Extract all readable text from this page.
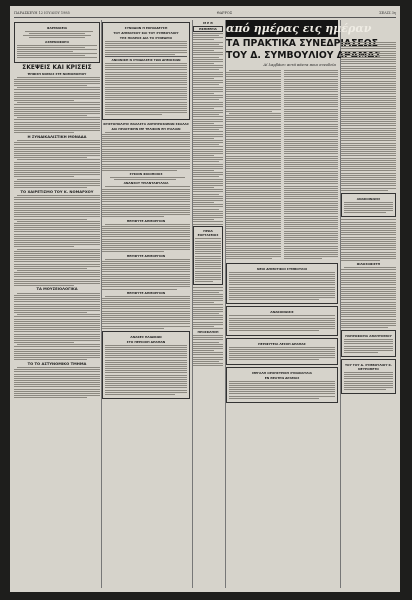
ΠΑΡΑΣΚΕΥΗ 12 ΙΟΥΛΙΟΥ 1985	ΘΑΡΡΟΣ	ΣΕΛΙΣ 3η
ΦΑΡΜΑΚΕΙΑ
ΑΣΘΕΝΟΦΟΡΟ
ΣΚΕΨΕΙΣ ΚΑΙ ΚΡΙΣΕΙΣ
ΨΗΦΙΣΗ ΝΟΜΑΣ ΣΤΕ ΝΟΜΟΘΟΡΙΟΥ
Η ΣΥΝΔΙΚΑΛΙΣΤΙΚΗ ΜΟΝΑΔΑ
ΤΟ ΧΑΙΡΕΤΙΣΜΟ ΤΟΥ Κ. ΝΟΜΑΡΧΟΥ
ΤΑ ΜΟΥΣΕΙΟΛΟΓΙΚΑ
ΤΟ ΤΟ ΑΣΤΥΝΟΜΙΚΟ ΤΜΗΜΑ
ΣΥΝΟΔΟΝ Η ΕΚΠΑΙΔΕΥΣΗ
ΤΟΥ ΔΗΜΑΡΧΟΥ ΚΑΙ ΤΟΥ ΣΥΜΒΟΥΛΙΟΥ
ΤΗΣ ΠΟΛΕΟΣ ΔΙΑ ΤΟ ΣΥΝΕΔΡΙΟ
ΑΝΙΟΝΙΚΗ Ν ΣΥΝΔΙΑΣΕΙΣ ΤΩΝ ΔΗΜΟΣΙΩΝ
ΧΡΙΣΤΟΠΟΛΙΤΙΣ ΘΑΛΑΣΤΑ ΑΝΤΙΠΡΟΣΩΠΩΝ ΣΚΑΛΑΣ
ΔΙΑ ΠΡΑΚΤΙΚΗΝ ΜΕ ΤΕΛΙΚΟΝ ΕΠ ΙΤΑΛΙΑΝ
ΣΥΚΟΙΝ ΦΙΛΟΠΟΙΟΣ
ΑΝΑΝΣΟΥ ΤΡΙΑΝΤΑΦΥΛΛΙΑ
ΠΕΡΙΦΥΤΕ ΔΗΜΟΡΓΙΟΝ
ΠΕΡΙΦΥΤΕ ΔΗΜΟΡΓΙΟΝ
ΠΕΡΙΦΥΤΕ ΔΗΜΟΡΓΙΟΝ
ΑΝΑΚΕΣ ΠΑΙΔΙΚΩΝ
ΣΤΟ ΠΕΡΙΟΧΗ ΔΡΑΜΑΝ
Μ Ε Θ
ΕΦΗΜΕΡΙΑ
ΗΡΩΑ ΕΟΡΤΑΣΜΟΣ
ΠΡΟΣΚΛΗΣΗ
από ημέρας εις ημέραν
ΤΑ ΠΡΑΚΤΙΚΑ ΣΥΝΕΔΡΙΑΣΕΩΣ
ΤΟΥ Δ. ΣΥΜΒΟΥΛΙΟΥ ΔΡΑΜΑΣ
Αί λαμβάνει αυτά πάντα ποια συνοδεία
ΝΕΟΙ ΔΗΜΟΤΙΚΟΙ ΣΥΜΒΟΥΛΟΙ
ΑΝΑΚΟΙΝΩΣΙΣ
ΠΕΡΙΦΥΤΕΙΑ ΛΕΣΧΗ ΔΡΑΜΑΣ
ΜΕΓΑΛΗ ΟΡΧΗΣΤΡΙΚΗ ΣΥΝΑΝΑΥΛΙΑ
ΕΝ ΘΕΑΤΡΩ ΔΡΑΜΑΣ
ΑΝΑΚΟΙΝΩΣΙΣ
ΦΙΛΟΣΟΦΙΣΤΗ
ΠΛΗΡΟΦΟΡΙΑ ΑΘΛΗΤΙΣΜΟΥ
ΤΟΥ ΤΟΥ Δ. ΣΥΜΒΟΥΛΙΟΥ Κ. ΝΕΥΡΟΘΕΤΟ
